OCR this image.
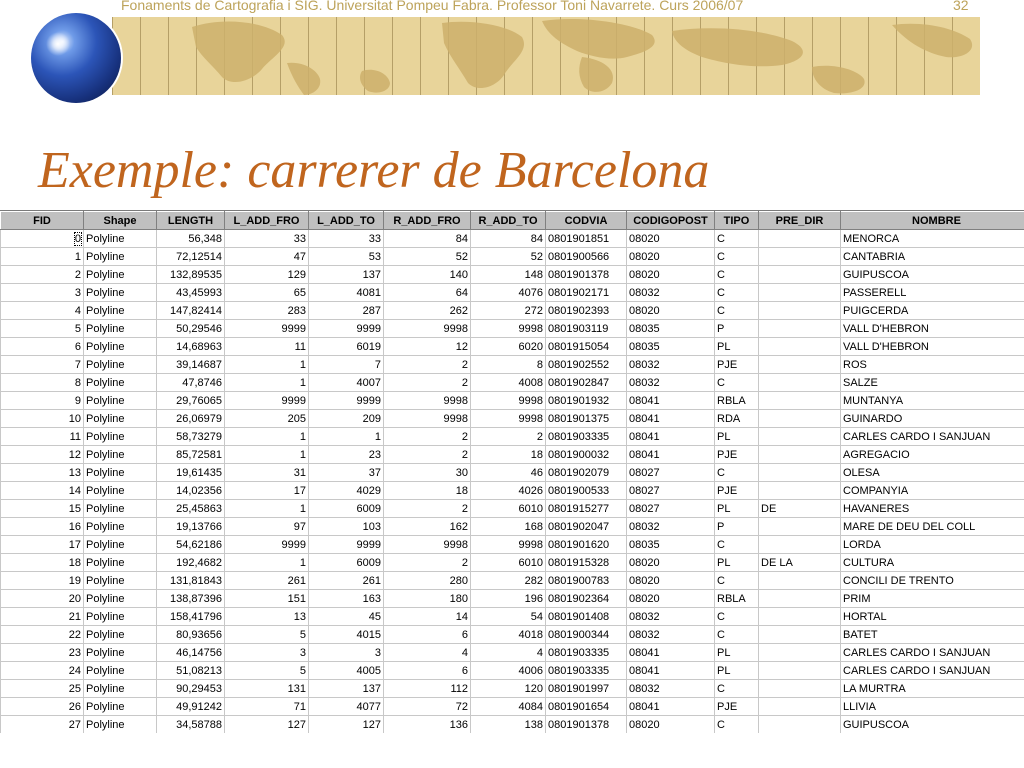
Fonaments de Cartografia i SIG. Universitat Pompeu Fabra. Professor Toni Navarrete. Curs 2006/07	32
Exemple: carrerer de Barcelona
FID	Shape	LENGTH	L_ADD_FRO	L_ADD_TO	R_ADD_FRO	R_ADD_TO	CODVIA	CODIGOPOST	TIPO	PRE_DIR	NOMBRE
0	Polyline	56,348	33	33	84	84	0801901851	08020	C		MENORCA
1	Polyline	72,12514	47	53	52	52	0801900566	08020	C		CANTABRIA
2	Polyline	132,89535	129	137	140	148	0801901378	08020	C		GUIPUSCOA
3	Polyline	43,45993	65	4081	64	4076	0801902171	08032	C		PASSERELL
4	Polyline	147,82414	283	287	262	272	0801902393	08020	C		PUIGCERDA
5	Polyline	50,29546	9999	9999	9998	9998	0801903119	08035	P		VALL D'HEBRON
6	Polyline	14,68963	11	6019	12	6020	0801915054	08035	PL		VALL D'HEBRON
7	Polyline	39,14687	1	7	2	8	0801902552	08032	PJE		ROS
8	Polyline	47,8746	1	4007	2	4008	0801902847	08032	C		SALZE
9	Polyline	29,76065	9999	9999	9998	9998	0801901932	08041	RBLA		MUNTANYA
10	Polyline	26,06979	205	209	9998	9998	0801901375	08041	RDA		GUINARDO
11	Polyline	58,73279	1	1	2	2	0801903335	08041	PL		CARLES CARDO I SANJUAN
12	Polyline	85,72581	1	23	2	18	0801900032	08041	PJE		AGREGACIO
13	Polyline	19,61435	31	37	30	46	0801902079	08027	C		OLESA
14	Polyline	14,02356	17	4029	18	4026	0801900533	08027	PJE		COMPANYIA
15	Polyline	25,45863	1	6009	2	6010	0801915277	08027	PL	DE	HAVANERES
16	Polyline	19,13766	97	103	162	168	0801902047	08032	P		MARE DE DEU DEL COLL
17	Polyline	54,62186	9999	9999	9998	9998	0801901620	08035	C		LORDA
18	Polyline	192,4682	1	6009	2	6010	0801915328	08020	PL	DE LA	CULTURA
19	Polyline	131,81843	261	261	280	282	0801900783	08020	C		CONCILI DE TRENTO
20	Polyline	138,87396	151	163	180	196	0801902364	08020	RBLA		PRIM
21	Polyline	158,41796	13	45	14	54	0801901408	08032	C		HORTAL
22	Polyline	80,93656	5	4015	6	4018	0801900344	08032	C		BATET
23	Polyline	46,14756	3	3	4	4	0801903335	08041	PL		CARLES CARDO I SANJUAN
24	Polyline	51,08213	5	4005	6	4006	0801903335	08041	PL		CARLES CARDO I SANJUAN
25	Polyline	90,29453	131	137	112	120	0801901997	08032	C		LA MURTRA
26	Polyline	49,91242	71	4077	72	4084	0801901654	08041	PJE		LLIVIA
27	Polyline	34,58788	127	127	136	138	0801901378	08020	C		GUIPUSCOA
